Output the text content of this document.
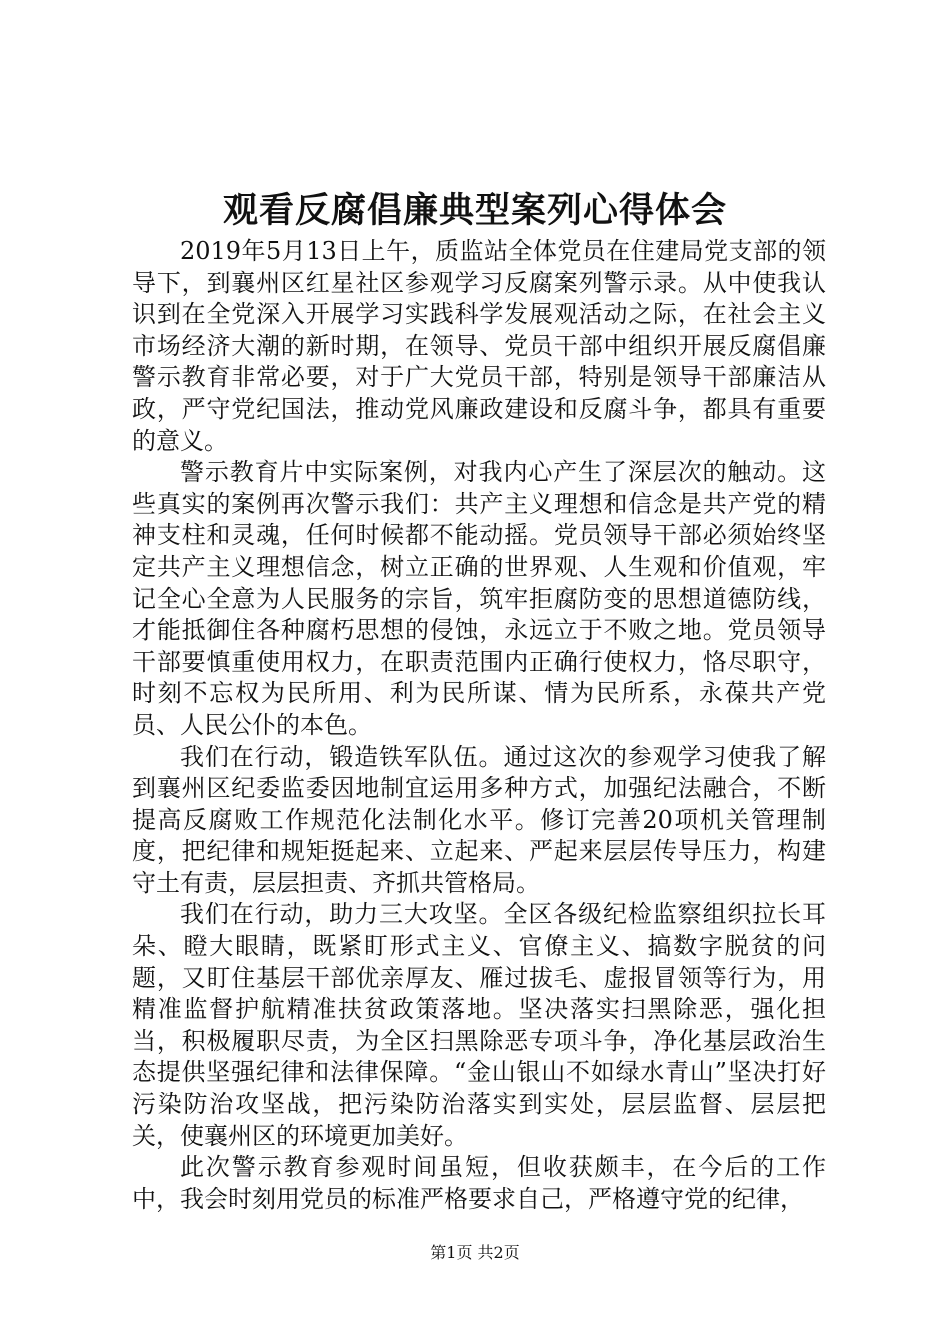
观看反腐倡廉典型案列心得体会

2019年5月13日上午，质监站全体党员在住建局党支部的领导下，到襄州区红星社区参观学习反腐案列警示录。从中使我认识到在全党深入开展学习实践科学发展观活动之际，在社会主义市场经济大潮的新时期，在领导、党员干部中组织开展反腐倡廉警示教育非常必要，对于广大党员干部，特别是领导干部廉洁从政，严守党纪国法，推动党风廉政建设和反腐斗争，都具有重要的意义。

警示教育片中实际案例，对我内心产生了深层次的触动。这些真实的案例再次警示我们：共产主义理想和信念是共产党的精神支柱和灵魂，任何时候都不能动摇。党员领导干部必须始终坚定共产主义理想信念，树立正确的世界观、人生观和价值观，牢记全心全意为人民服务的宗旨，筑牢拒腐防变的思想道德防线，才能抵御住各种腐朽思想的侵蚀，永远立于不败之地。党员领导干部要慎重使用权力，在职责范围内正确行使权力，恪尽职守，时刻不忘权为民所用、利为民所谋、情为民所系，永葆共产党员、人民公仆的本色。

我们在行动，锻造铁军队伍。通过这次的参观学习使我了解到襄州区纪委监委因地制宜运用多种方式，加强纪法融合，不断提高反腐败工作规范化法制化水平。修订完善20项机关管理制度，把纪律和规矩挺起来、立起来、严起来层层传导压力，构建守土有责，层层担责、齐抓共管格局。

我们在行动，助力三大攻坚。全区各级纪检监察组织拉长耳朵、瞪大眼睛，既紧盯形式主义、官僚主义、搞数字脱贫的问题，又盯住基层干部优亲厚友、雁过拔毛、虚报冒领等行为，用精准监督护航精准扶贫政策落地。坚决落实扫黑除恶，强化担当，积极履职尽责，为全区扫黑除恶专项斗争，净化基层政治生态提供坚强纪律和法律保障。“金山银山不如绿水青山”坚决打好污染防治攻坚战，把污染防治落实到实处，层层监督、层层把关，使襄州区的环境更加美好。

此次警示教育参观时间虽短，但收获颇丰，在今后的工作中，我会时刻用党员的标准严格要求自己，严格遵守党的纪律，

第1页 共2页
